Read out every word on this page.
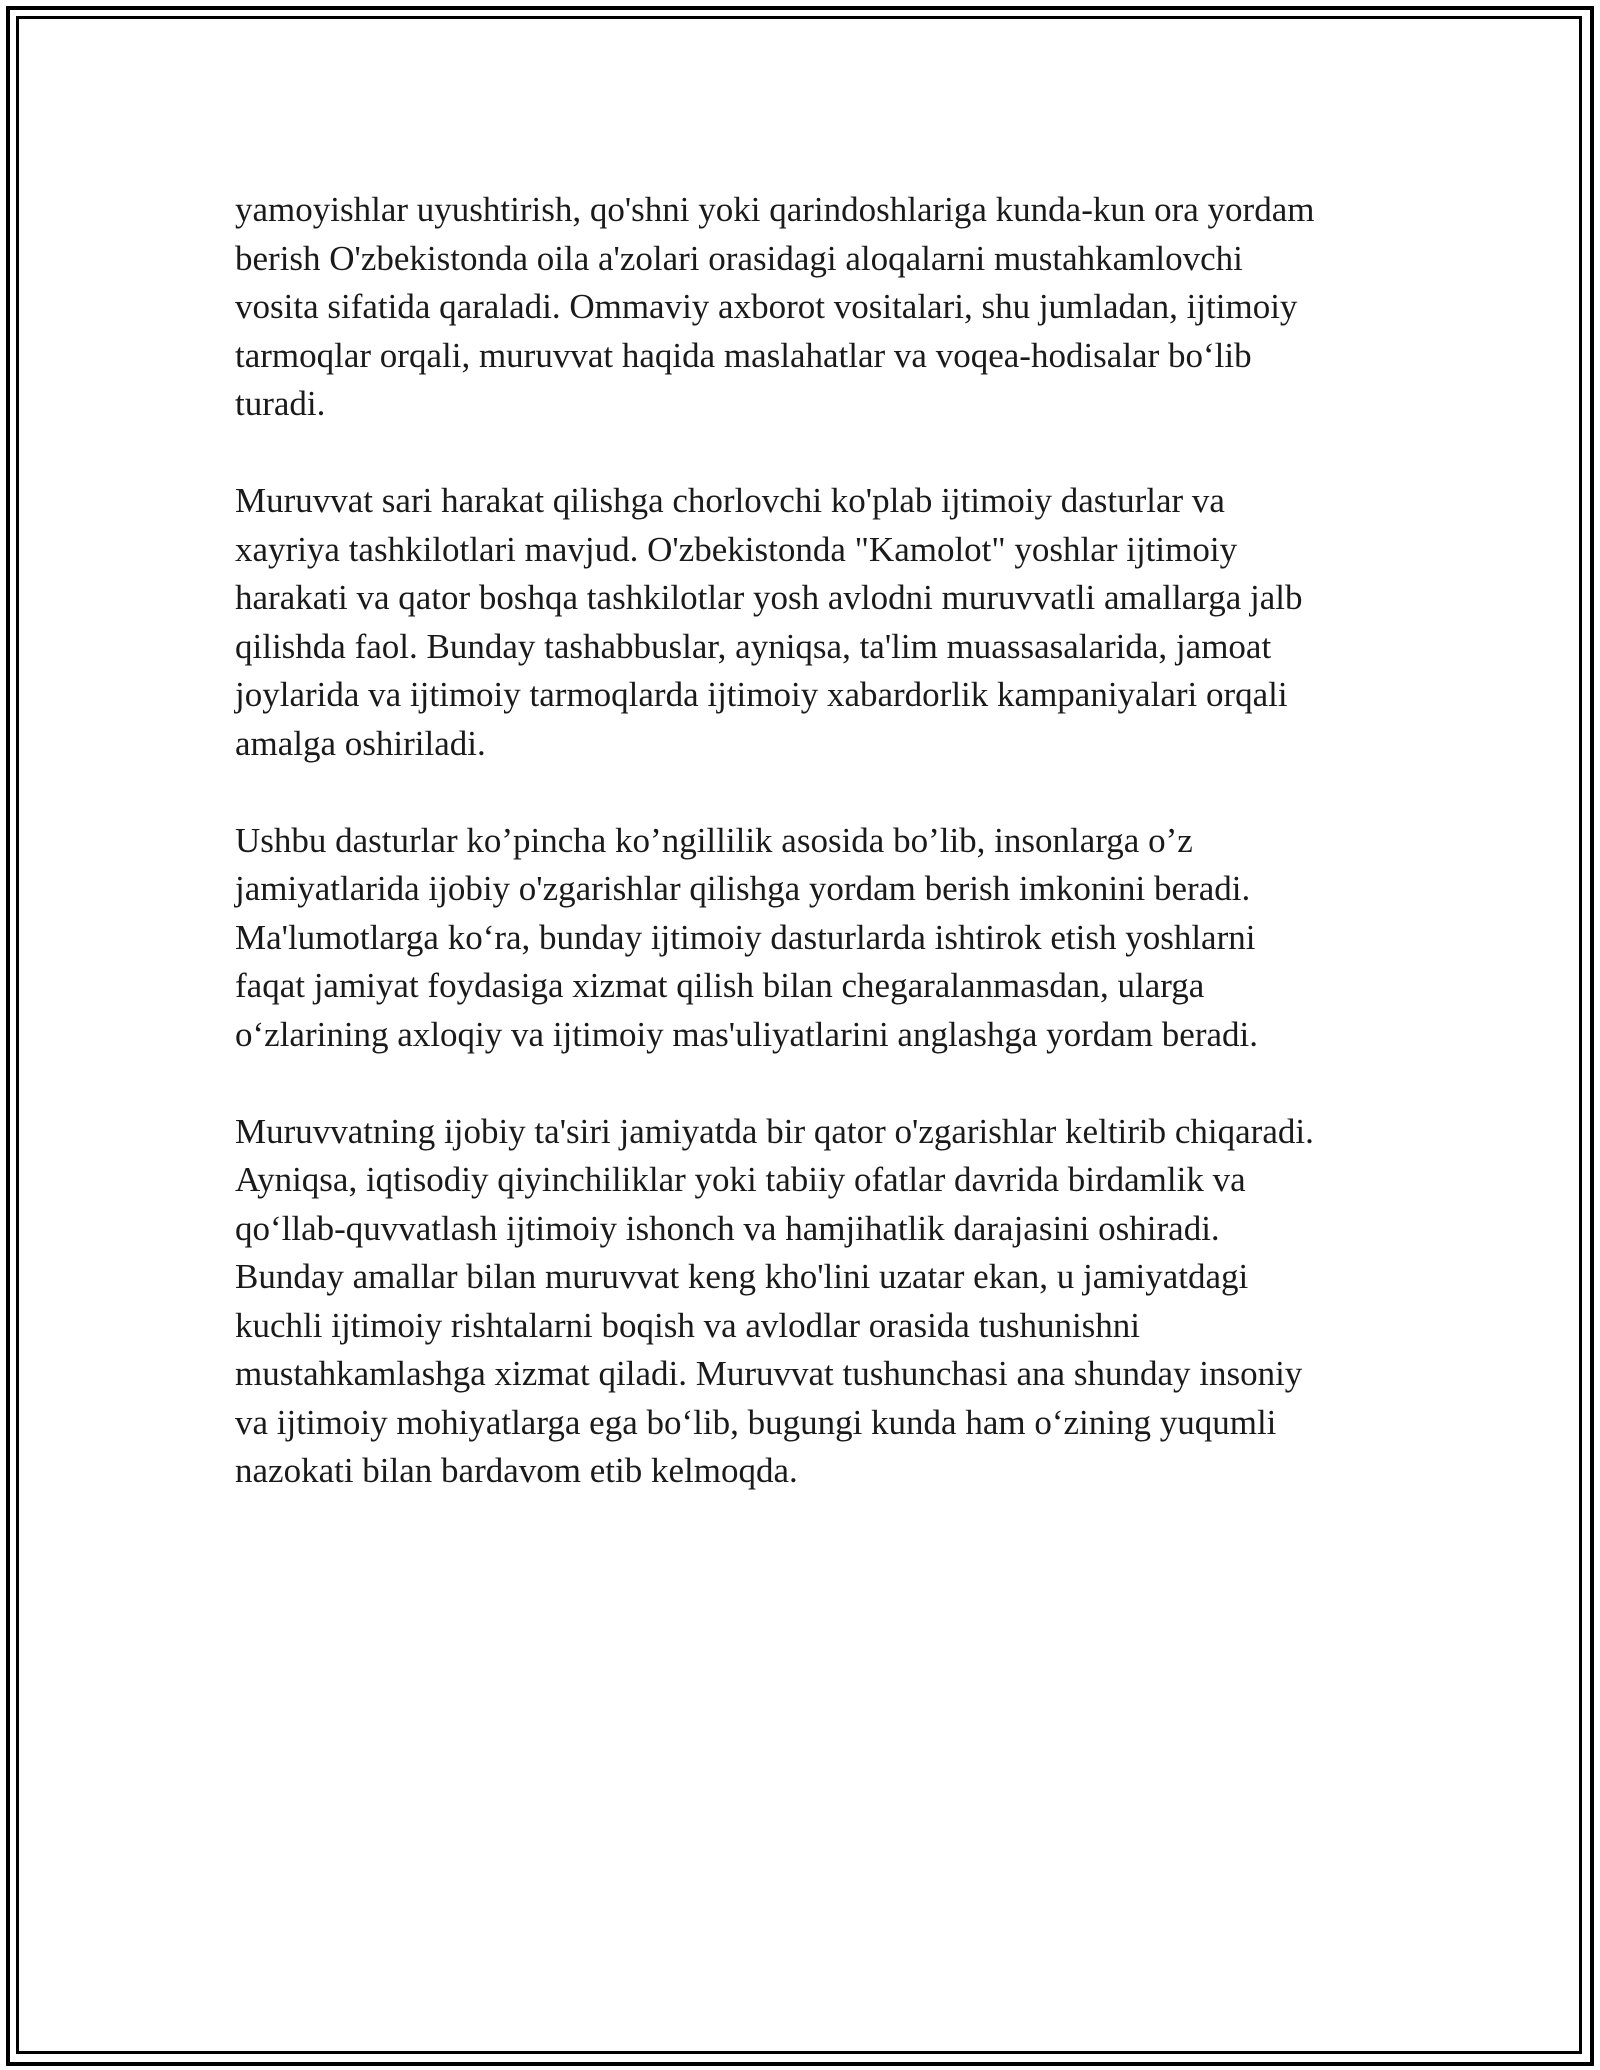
yamoyishlar uyushtirish, qo'shni yoki qarindoshlariga kunda-kun ora yordam
berish O'zbekistonda oila a'zolari orasidagi aloqalarni mustahkamlovchi
vosita sifatida qaraladi. Ommaviy axborot vositalari, shu jumladan, ijtimoiy
tarmoqlar orqali, muruvvat haqida maslahatlar va voqea-hodisalar bo‘lib
turadi.

Muruvvat sari harakat qilishga chorlovchi ko'plab ijtimoiy dasturlar va
xayriya tashkilotlari mavjud. O'zbekistonda "Kamolot" yoshlar ijtimoiy
harakati va qator boshqa tashkilotlar yosh avlodni muruvvatli amallarga jalb
qilishda faol. Bunday tashabbuslar, ayniqsa, ta'lim muassasalarida, jamoat
joylarida va ijtimoiy tarmoqlarda ijtimoiy xabardorlik kampaniyalari orqali
amalga oshiriladi.

Ushbu dasturlar ko’pincha ko’ngillilik asosida bo’lib, insonlarga o’z
jamiyatlarida ijobiy o'zgarishlar qilishga yordam berish imkonini beradi.
Ma'lumotlarga ko‘ra, bunday ijtimoiy dasturlarda ishtirok etish yoshlarni
faqat jamiyat foydasiga xizmat qilish bilan chegaralanmasdan, ularga
o‘zlarining axloqiy va ijtimoiy mas'uliyatlarini anglashga yordam beradi.

Muruvvatning ijobiy ta'siri jamiyatda bir qator o'zgarishlar keltirib chiqaradi.
Ayniqsa, iqtisodiy qiyinchiliklar yoki tabiiy ofatlar davrida birdamlik va
qo‘llab-quvvatlash ijtimoiy ishonch va hamjihatlik darajasini oshiradi.
Bunday amallar bilan muruvvat keng kho'lini uzatar ekan, u jamiyatdagi
kuchli ijtimoiy rishtalarni boqish va avlodlar orasida tushunishni
mustahkamlashga xizmat qiladi. Muruvvat tushunchasi ana shunday insoniy
va ijtimoiy mohiyatlarga ega bo‘lib, bugungi kunda ham o‘zining yuqumli
nazokati bilan bardavom etib kelmoqda.
